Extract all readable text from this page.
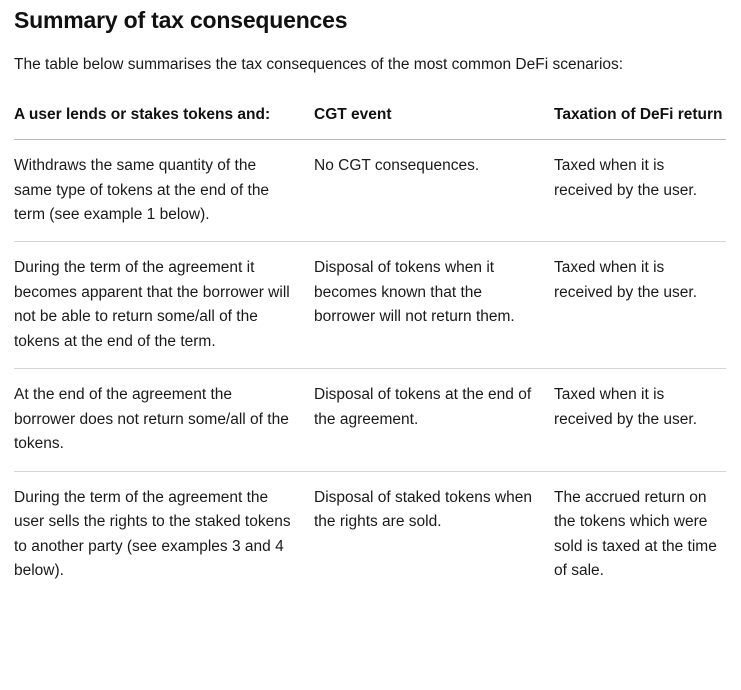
Summary of tax consequences

The table below summarises the tax consequences of the most common DeFi scenarios:

A user lends or stakes tokens and:	CGT event	Taxation of DeFi return
Withdraws the same quantity of the same type of tokens at the end of the term (see example 1 below).	No CGT consequences.	Taxed when it is received by the user.
During the term of the agreement it becomes apparent that the borrower will not be able to return some/all of the tokens at the end of the term.	Disposal of tokens when it becomes known that the borrower will not return them.	Taxed when it is received by the user.
At the end of the agreement the borrower does not return some/all of the tokens.	Disposal of tokens at the end of the agreement.	Taxed when it is received by the user.
During the term of the agreement the user sells the rights to the staked tokens to another party (see examples 3 and 4 below).	Disposal of staked tokens when the rights are sold.	The accrued return on the tokens which were sold is taxed at the time of sale.
